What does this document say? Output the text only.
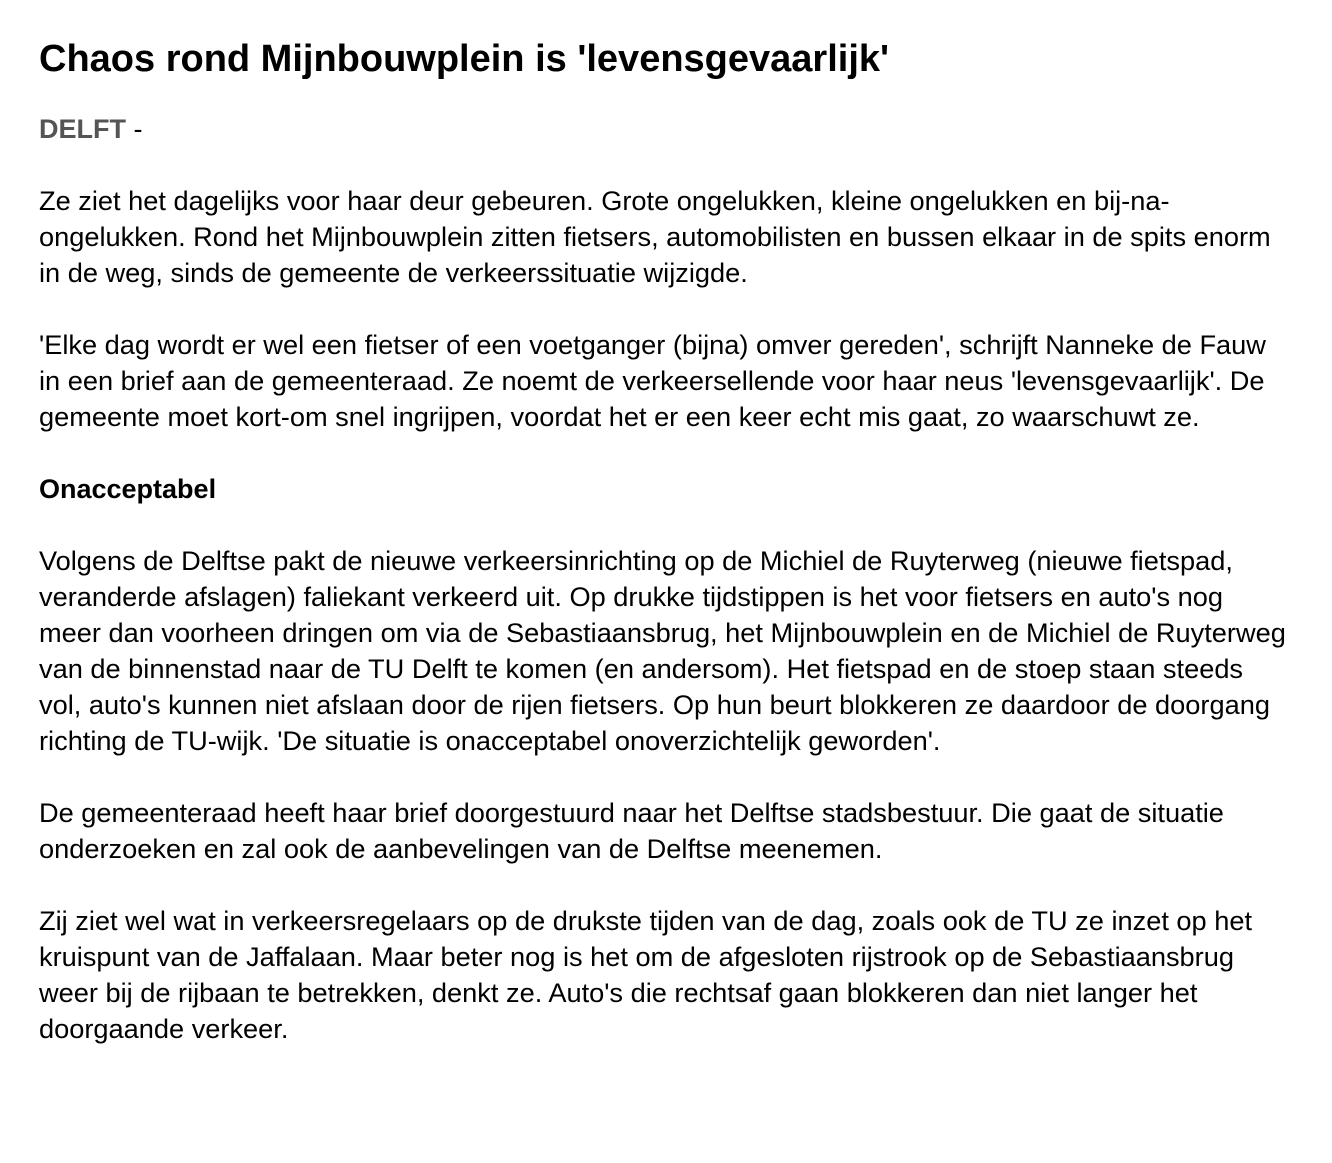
Chaos rond Mijnbouwplein is 'levensgevaarlijk'
DELFT -

Ze ziet het dagelijks voor haar deur gebeuren. Grote ongelukken, kleine ongelukken en bij-na-ongelukken. Rond het Mijnbouwplein zitten fietsers, automobilisten en bussen elkaar in de spits enorm in de weg, sinds de gemeente de verkeerssituatie wijzigde.

'Elke dag wordt er wel een fietser of een voetganger (bijna) omver gereden', schrijft Nanneke de Fauw in een brief aan de gemeenteraad. Ze noemt de verkeersellende voor haar neus 'levensgevaarlijk'. De gemeente moet kort-om snel ingrijpen, voordat het er een keer echt mis gaat, zo waarschuwt ze.

Onacceptabel

Volgens de Delftse pakt de nieuwe verkeersinrichting op de Michiel de Ruyterweg (nieuwe fietspad, veranderde afslagen) faliekant verkeerd uit. Op drukke tijdstippen is het voor fietsers en auto's nog meer dan voorheen dringen om via de Sebastiaansbrug, het Mijnbouwplein en de Michiel de Ruyterweg van de binnenstad naar de TU Delft te komen (en andersom). Het fietspad en de stoep staan steeds vol, auto's kunnen niet afslaan door de rijen fietsers. Op hun beurt blokkeren ze daardoor de doorgang richting de TU-wijk. 'De situatie is onacceptabel onoverzichtelijk geworden'.

De gemeenteraad heeft haar brief doorgestuurd naar het Delftse stadsbestuur. Die gaat de situatie onderzoeken en zal ook de aanbevelingen van de Delftse meenemen.

Zij ziet wel wat in verkeersregelaars op de drukste tijden van de dag, zoals ook de TU ze inzet op het kruispunt van de Jaffalaan. Maar beter nog is het om de afgesloten rijstrook op de Sebastiaansbrug weer bij de rijbaan te betrekken, denkt ze. Auto's die rechtsaf gaan blokkeren dan niet langer het doorgaande verkeer.
